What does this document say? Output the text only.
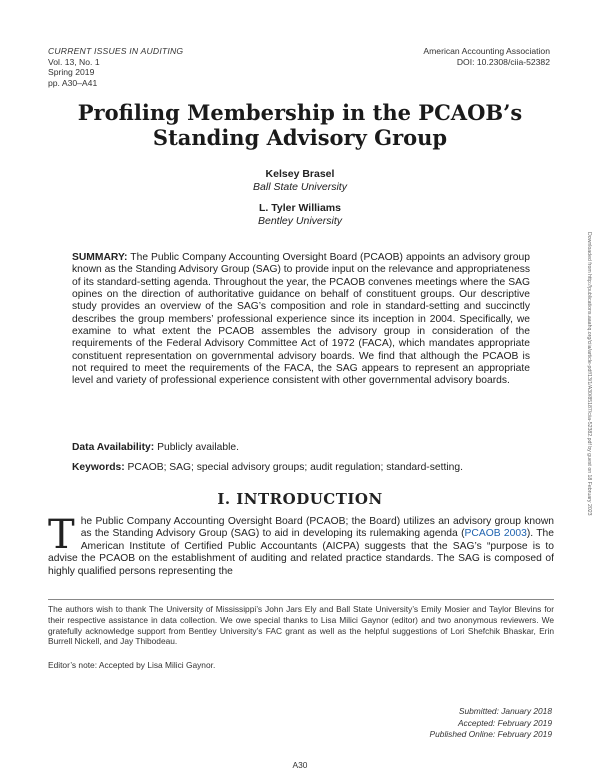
CURRENT ISSUES IN AUDITING
Vol. 13, No. 1
Spring 2019
pp. A30–A41
American Accounting Association
DOI: 10.2308/ciia-52382
Profiling Membership in the PCAOB’s
Standing Advisory Group
Kelsey Brasel
Ball State University
L. Tyler Williams
Bentley University
SUMMARY: The Public Company Accounting Oversight Board (PCAOB) appoints an advisory group known as the Standing Advisory Group (SAG) to provide input on the relevance and appropriateness of its standard-setting agenda. Throughout the year, the PCAOB convenes meetings where the SAG opines on the direction of authoritative guidance on behalf of constituent groups. Our descriptive study provides an overview of the SAG’s composition and role in standard-setting and succinctly describes the group members’ professional experience since its inception in 2004. Specifically, we examine to what extent the PCAOB assembles the advisory group in consideration of the requirements of the Federal Advisory Committee Act of 1972 (FACA), which mandates appropriate constituent representation on governmental advisory boards. We find that although the PCAOB is not required to meet the requirements of the FACA, the SAG appears to represent an appropriate level and variety of professional experience consistent with other governmental advisory boards.
Data Availability: Publicly available.
Keywords: PCAOB; SAG; special advisory groups; audit regulation; standard-setting.
I. INTRODUCTION
The Public Company Accounting Oversight Board (PCAOB; the Board) utilizes an advisory group known as the Standing Advisory Group (SAG) to aid in developing its rulemaking agenda (PCAOB 2003). The American Institute of Certified Public Accountants (AICPA) suggests that the SAG’s “purpose is to advise the PCAOB on the establishment of auditing and related practice standards. The SAG is composed of highly qualified persons representing the
The authors wish to thank The University of Mississippi’s John Jars Ely and Ball State University’s Emily Mosier and Taylor Blevins for their respective assistance in data collection. We owe special thanks to Lisa Milici Gaynor (editor) and two anonymous reviewers. We gratefully acknowledge support from Bentley University’s FAC grant as well as the helpful suggestions of Lori Shefchik Bhaskar, Erin Burrell Nickell, and Jay Thibodeau.
Editor’s note: Accepted by Lisa Milici Gaynor.
Submitted: January 2018
Accepted: February 2019
Published Online: February 2019
A30
Downloaded from http://publications.aaahq.org/ciia/article-pdf/13/1/A30/85187/ciia-52382.pdf by guest on 18 February 2023
